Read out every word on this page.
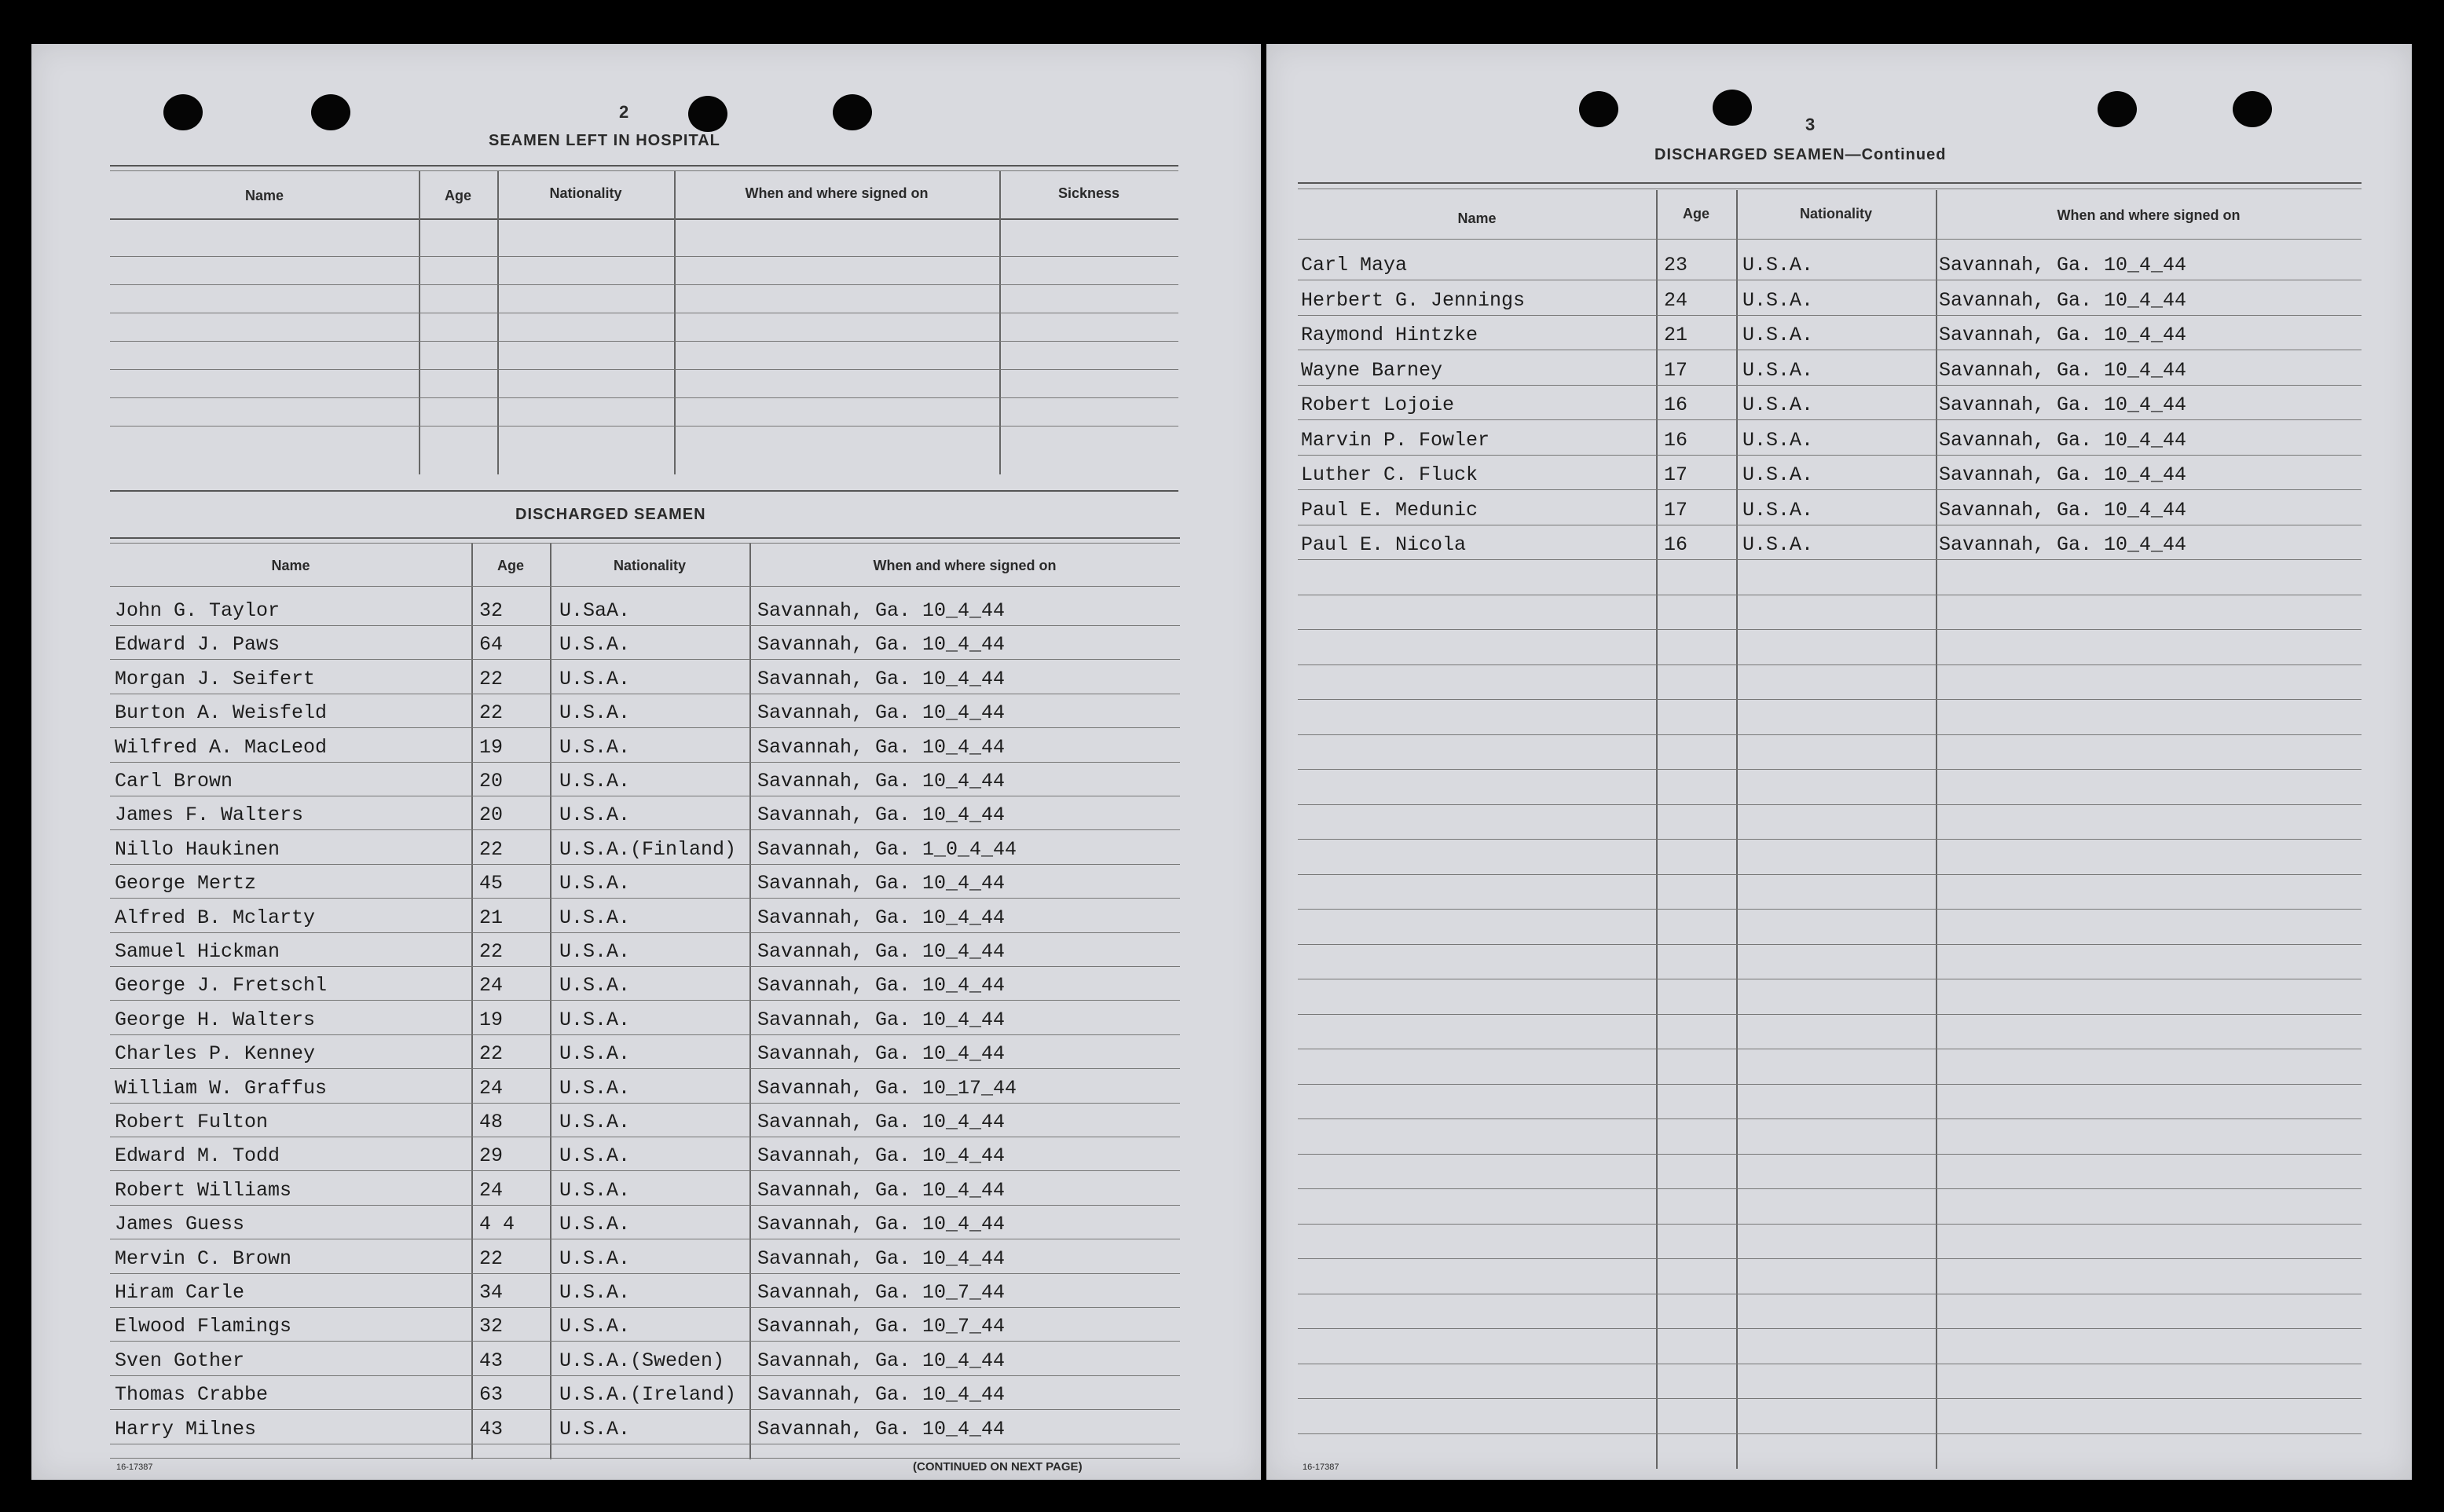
2
SEAMEN LEFT IN HOSPITAL
Name	Age	Nationality	When and where signed on	Sickness
DISCHARGED SEAMEN
Name	Age	Nationality	When and where signed on
John G. Taylor	32	U.SaA.	Savannah, Ga. 10_4_44
Edward J. Paws	64	U.S.A.	Savannah, Ga. 10_4_44
Morgan J. Seifert	22	U.S.A.	Savannah, Ga. 10_4_44
Burton A. Weisfeld	22	U.S.A.	Savannah, Ga. 10_4_44
Wilfred A. MacLeod	19	U.S.A.	Savannah, Ga. 10_4_44
Carl Brown	20	U.S.A.	Savannah, Ga. 10_4_44
James F. Walters	20	U.S.A.	Savannah, Ga. 10_4_44
Nillo Haukinen	22	U.S.A.(Finland) Savannah, Ga. 1_0_4_44
George Mertz	45	U.S.A.	Savannah, Ga. 10_4_44
Alfred B. Mclarty	21	U.S.A.	Savannah, Ga. 10_4_44
Samuel Hickman	22	U.S.A.	Savannah, Ga. 10_4_44
George J. Fretschl	24	U.S.A.	Savannah, Ga. 10_4_44
George H. Walters	19	U.S.A.	Savannah, Ga. 10_4_44
Charles P. Kenney	22	U.S.A.	Savannah, Ga. 10_4_44
William W. Graffus	24	U.S.A.	Savannah, Ga. 10_17_44
Robert Fulton	48	U.S.A.	Savannah, Ga. 10_4_44
Edward M. Todd	29	U.S.A.	Savannah, Ga. 10_4_44
Robert Williams	24	U.S.A.	Savannah, Ga. 10_4_44
James Guess	4 4 U.S.A.	Savannah, Ga. 10_4_44
Mervin C. Brown	22	U.S.A.	Savannah, Ga. 10_4_44
Hiram Carle	34	U.S.A.	Savannah, Ga. 10_7_44
Elwood Flamings	32	U.S.A.	Savannah, Ga. 10_7_44
Sven Gother	43	U.S.A.(Sweden) Savannah, Ga. 10_4_44
Thomas Crabbe	63	U.S.A.(Ireland) Savannah, Ga. 10_4_44
Harry Milnes	43	U.S.A.	Savannah, Ga. 10_4_44
16-17387	(CONTINUED ON NEXT PAGE)
3
DISCHARGED SEAMEN—Continued
Name	Age	Nationality	When and where signed on
Carl Maya	23	U.S.A.	Savannah, Ga. 10_4_44
Herbert G. Jennings	24	U.S.A.	Savannah, Ga. 10_4_44
Raymond Hintzke	21	U.S.A.	Savannah, Ga. 10_4_44
Wayne Barney	17	U.S.A.	Savannah, Ga. 10_4_44
Robert Lojoie	16	U.S.A.	Savannah, Ga. 10_4_44
Marvin P. Fowler	16	U.S.A.	Savannah, Ga. 10_4_44
Luther C. Fluck	17	U.S.A.	Savannah, Ga. 10_4_44
Paul E. Medunic	17	U.S.A.	Savannah, Ga. 10_4_44
Paul E. Nicola	16	U.S.A.	Savannah, Ga. 10_4_44
16-17387
